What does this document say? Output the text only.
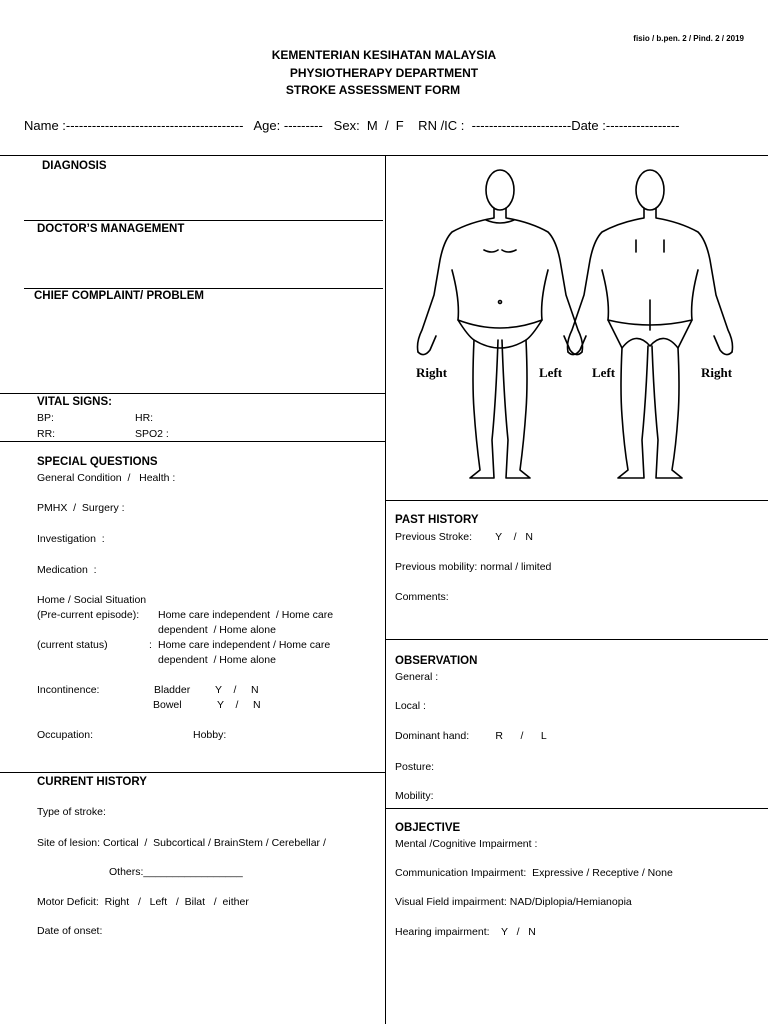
fisio / b.pen. 2 / Pind. 2 / 2019
KEMENTERIAN KESIHATAN MALAYSIA
PHYSIOTHERAPY DEPARTMENT
STROKE ASSESSMENT FORM
Name :-----------------------------------------   Age: ---------   Sex:  M  /  F    RN /IC :  -----------------------Date :-----------------
DIAGNOSIS
DOCTOR’S MANAGEMENT
CHIEF COMPLAINT/ PROBLEM
VITAL SIGNS:
BP:	HR:
RR:	SPO2 :
SPECIAL QUESTIONS
General Condition  /   Health :
PMHX  /  Surgery :
Investigation  :
Medication  :
Home / Social Situation
(Pre-current episode): Home care independent  / Home care
dependent  / Home alone
(current status)	: Home care independent / Home care
dependent  / Home alone
Incontinence:	Bladder Y    /     N
Bowel	Y    /     N
Occupation:	Hobby:
CURRENT HISTORY
Type of stroke:
Site of lesion: Cortical  /  Subcortical / BrainStem / Cerebellar /
Others:_________________
Motor Deficit:  Right   /   Left   /  Bilat   /  either
Date of onset:
Right	Left Left	Right
PAST HISTORY
Previous Stroke:        Y    /   N
Previous mobility: normal / limited
Comments:
OBSERVATION
General :
Local :
Dominant hand:         R      /      L
Posture:
Mobility:
OBJECTIVE
Mental /Cognitive Impairment :
Communication Impairment:  Expressive / Receptive / None
Visual Field impairment: NAD/Diplopia/Hemianopia
Hearing impairment:    Y   /   N
